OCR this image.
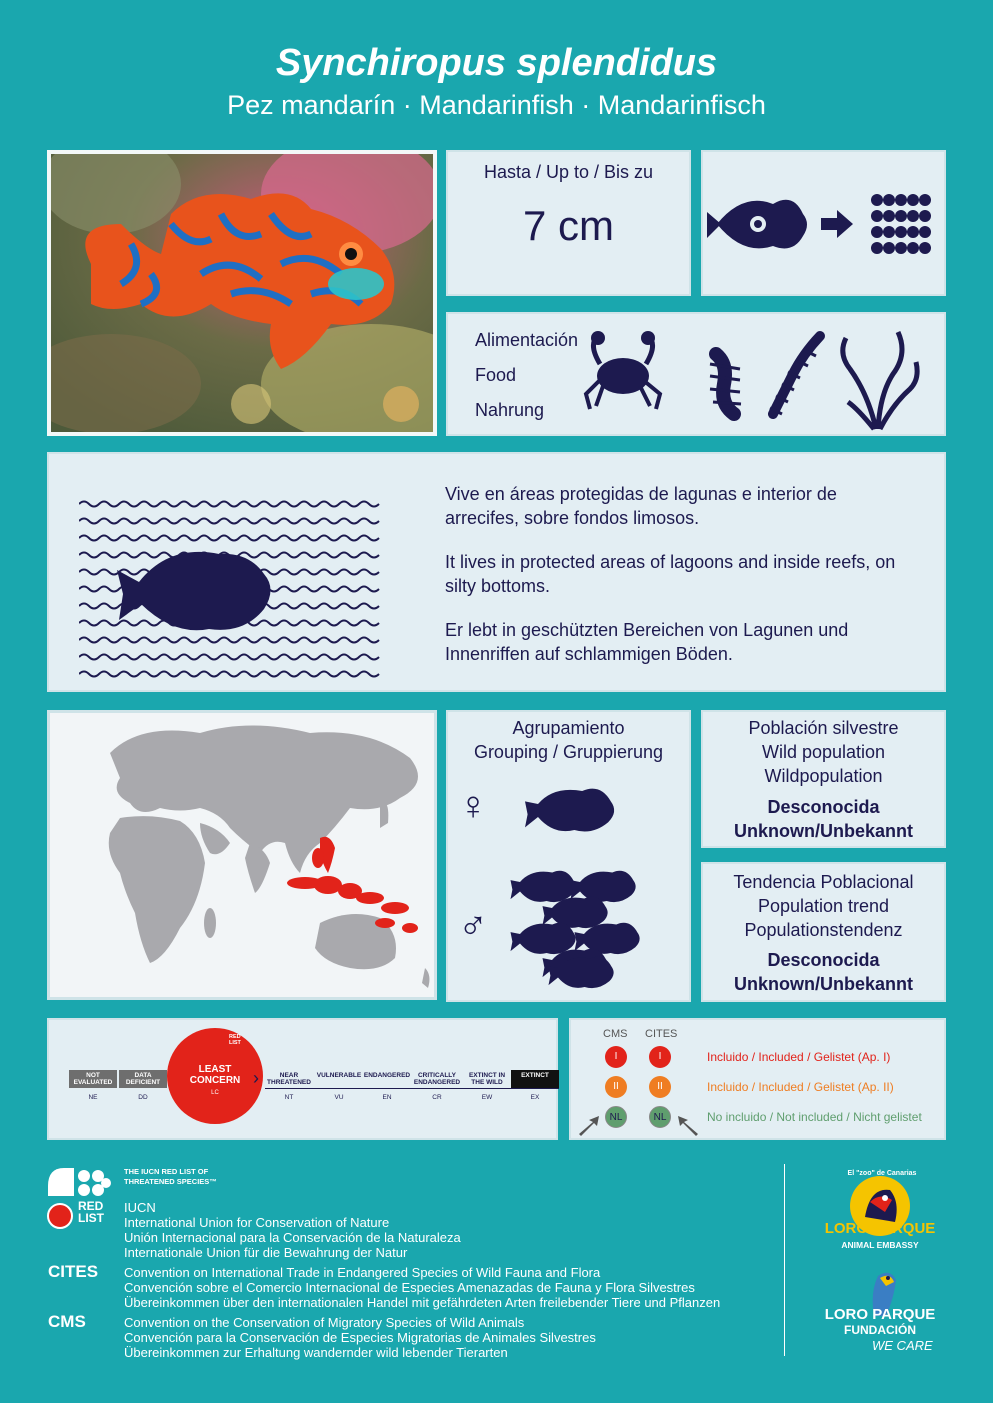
Synchiropus splendidus
Pez mandarín · Mandarinfish · Mandarinfisch
Hasta / Up to / Bis zu
7 cm
Alimentación
Food
Nahrung
Vive en áreas protegidas de lagunas e interior de arrecifes, sobre fondos limosos.
It lives in protected areas of lagoons and inside reefs, on silty bottoms.
Er lebt in geschützten Bereichen von Lagunen und Innenriffen auf schlammigen Böden.
Agrupamiento
Grouping / Gruppierung
♀
♂
Población silvestre
Wild population
Wildpopulation
Desconocida
Unknown/Unbekannt
Tendencia Poblacional
Population trend
Populationstendenz
Desconocida
Unknown/Unbekannt
NOT EVALUATED
NE
DATA DEFICIENT
DD
LEAST CONCERN
LC
RED LIST
›	NEAR THREATENED
NT
VULNERABLE
VU
ENDANGERED
EN
CRITICALLY ENDANGERED
CR
EXTINCT IN THE WILD
EW
EXTINCT
EX
CMS CITES
I	I	Incluido / Included / Gelistet (Ap. I)
II	II	Incluido / Included / Gelistet (Ap. II)
NL	NL	No incluido / Not included / Nicht gelistet
RED LIST
THE IUCN RED LIST OF THREATENED SPECIES™
IUCN
International Union for Conservation of Nature
Unión Internacional para la Conservación de la Naturaleza
Internationale Union für die Bewahrung der Natur
CITES Convention on International Trade in Endangered Species of Wild Fauna and Flora
Convención sobre el Comercio Internacional de Especies Amenazadas de Fauna y Flora Silvestres
Übereinkommen über den internationalen Handel mit gefährdeten Arten freilebender Tiere und Pflanzen
CMS	Convention on the Conservation of Migratory Species of Wild Animals
Convención para la Conservación de Especies Migratorias de Animales Silvestres
Übereinkommen zur Erhaltung wandernder wild lebender Tierarten
El "zoo" de Canarias
LORO PARQUE
ANIMAL EMBASSY
LORO PARQUE
FUNDACIÓN
WE CARE
